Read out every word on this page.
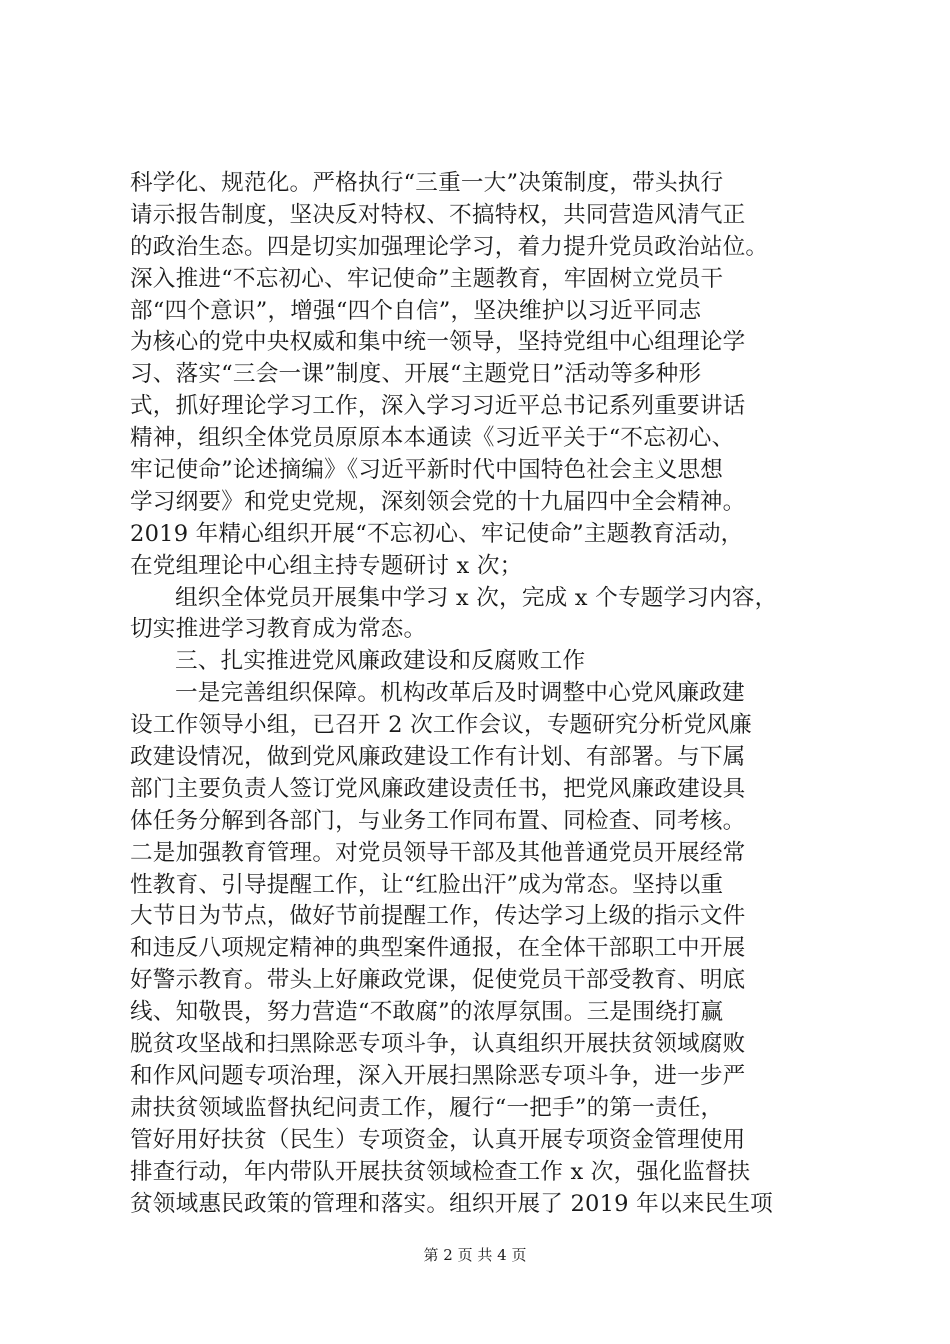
科学化、规范化。严格执行“三重一大”决策制度，带头执行
请示报告制度，坚决反对特权、不搞特权，共同营造风清气正
的政治生态。四是切实加强理论学习，着力提升党员政治站位。
深入推进“不忘初心、牢记使命”主题教育，牢固树立党员干
部“四个意识”，增强“四个自信”，坚决维护以习近平同志
为核心的党中央权威和集中统一领导，坚持党组中心组理论学
习、落实“三会一课”制度、开展“主题党日”活动等多种形
式，抓好理论学习工作，深入学习习近平总书记系列重要讲话
精神，组织全体党员原原本本通读《习近平关于“不忘初心、
牢记使命”论述摘编》《习近平新时代中国特色社会主义思想
学习纲要》和党史党规，深刻领会党的十九届四中全会精神。
2019 年精心组织开展“不忘初心、牢记使命”主题教育活动，
在党组理论中心组主持专题研讨 x 次；
组织全体党员开展集中学习 x 次，完成 x 个专题学习内容，
切实推进学习教育成为常态。
三、扎实推进党风廉政建设和反腐败工作
一是完善组织保障。机构改革后及时调整中心党风廉政建
设工作领导小组，已召开 2 次工作会议，专题研究分析党风廉
政建设情况，做到党风廉政建设工作有计划、有部署。与下属
部门主要负责人签订党风廉政建设责任书，把党风廉政建设具
体任务分解到各部门，与业务工作同布置、同检查、同考核。
二是加强教育管理。对党员领导干部及其他普通党员开展经常
性教育、引导提醒工作，让“红脸出汗”成为常态。坚持以重
大节日为节点，做好节前提醒工作，传达学习上级的指示文件
和违反八项规定精神的典型案件通报，在全体干部职工中开展
好警示教育。带头上好廉政党课，促使党员干部受教育、明底
线、知敬畏，努力营造“不敢腐”的浓厚氛围。三是围绕打赢
脱贫攻坚战和扫黑除恶专项斗争，认真组织开展扶贫领域腐败
和作风问题专项治理，深入开展扫黑除恶专项斗争，进一步严
肃扶贫领域监督执纪问责工作，履行“一把手”的第一责任，
管好用好扶贫（民生）专项资金，认真开展专项资金管理使用
排查行动，年内带队开展扶贫领域检查工作 x 次，强化监督扶
贫领域惠民政策的管理和落实。组织开展了 2019 年以来民生项
第 2 页 共 4 页
